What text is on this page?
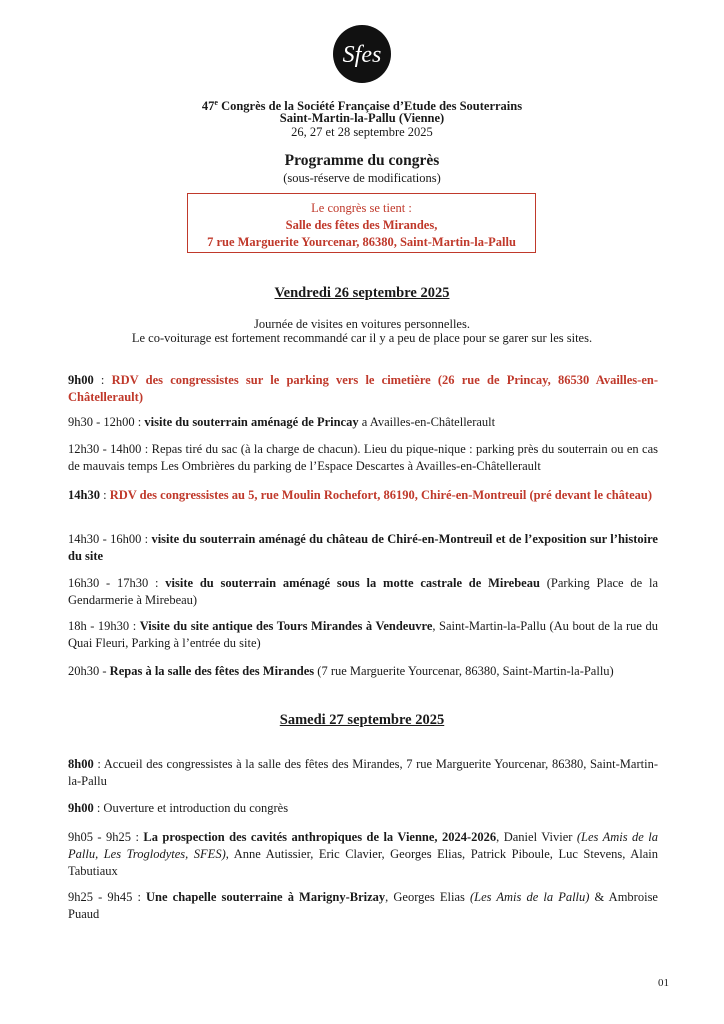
Sfes
47e Congrès de la Société Française d’Etude des Souterrains
Saint-Martin-la-Pallu (Vienne)
26, 27 et 28 septembre 2025
Programme du congrès
(sous-réserve de modifications)
Le congrès se tient :
Salle des fêtes des Mirandes,
7 rue Marguerite Yourcenar, 86380, Saint-Martin-la-Pallu
Vendredi 26 septembre 2025
Journée de visites en voitures personnelles.
Le co-voiturage est fortement recommandé car il y a peu de place pour se garer sur les sites.
9h00 : RDV des congressistes sur le parking vers le cimetière (26 rue de Princay, 86530 Availles-en-Châtellerault)
9h30 - 12h00 : visite du souterrain aménagé de Princay a Availles-en-Châtellerault
12h30 - 14h00 : Repas tiré du sac (à la charge de chacun). Lieu du pique-nique : parking près du souterrain ou en cas de mauvais temps Les Ombrières du parking de l’Espace Descartes à Availles-en-Châtellerault
14h30 : RDV des congressistes au 5, rue Moulin Rochefort, 86190, Chiré-en-Montreuil (pré devant le château)
14h30 - 16h00 : visite du souterrain aménagé du château de Chiré-en-Montreuil et de l’exposition sur l’histoire du site
16h30 - 17h30 : visite du souterrain aménagé sous la motte castrale de Mirebeau (Parking Place de la Gendarmerie à Mirebeau)
18h - 19h30 : Visite du site antique des Tours Mirandes à Vendeuvre, Saint-Martin-la-Pallu (Au bout de la rue du Quai Fleuri, Parking à l’entrée du site)
20h30 - Repas à la salle des fêtes des Mirandes (7 rue Marguerite Yourcenar, 86380, Saint-Martin-la-Pallu)
Samedi 27 septembre 2025
8h00 : Accueil des congressistes à la salle des fêtes des Mirandes, 7 rue Marguerite Yourcenar, 86380, Saint-Martin-la-Pallu
9h00 : Ouverture et introduction du congrès
9h05 - 9h25 : La prospection des cavités anthropiques de la Vienne, 2024-2026, Daniel Vivier (Les Amis de la Pallu, Les Troglodytes, SFES), Anne Autissier, Eric Clavier, Georges Elias, Patrick Piboule, Luc Stevens, Alain Tabutiaux
9h25 - 9h45 : Une chapelle souterraine à Marigny-Brizay, Georges Elias (Les Amis de la Pallu) & Ambroise Puaud
01
